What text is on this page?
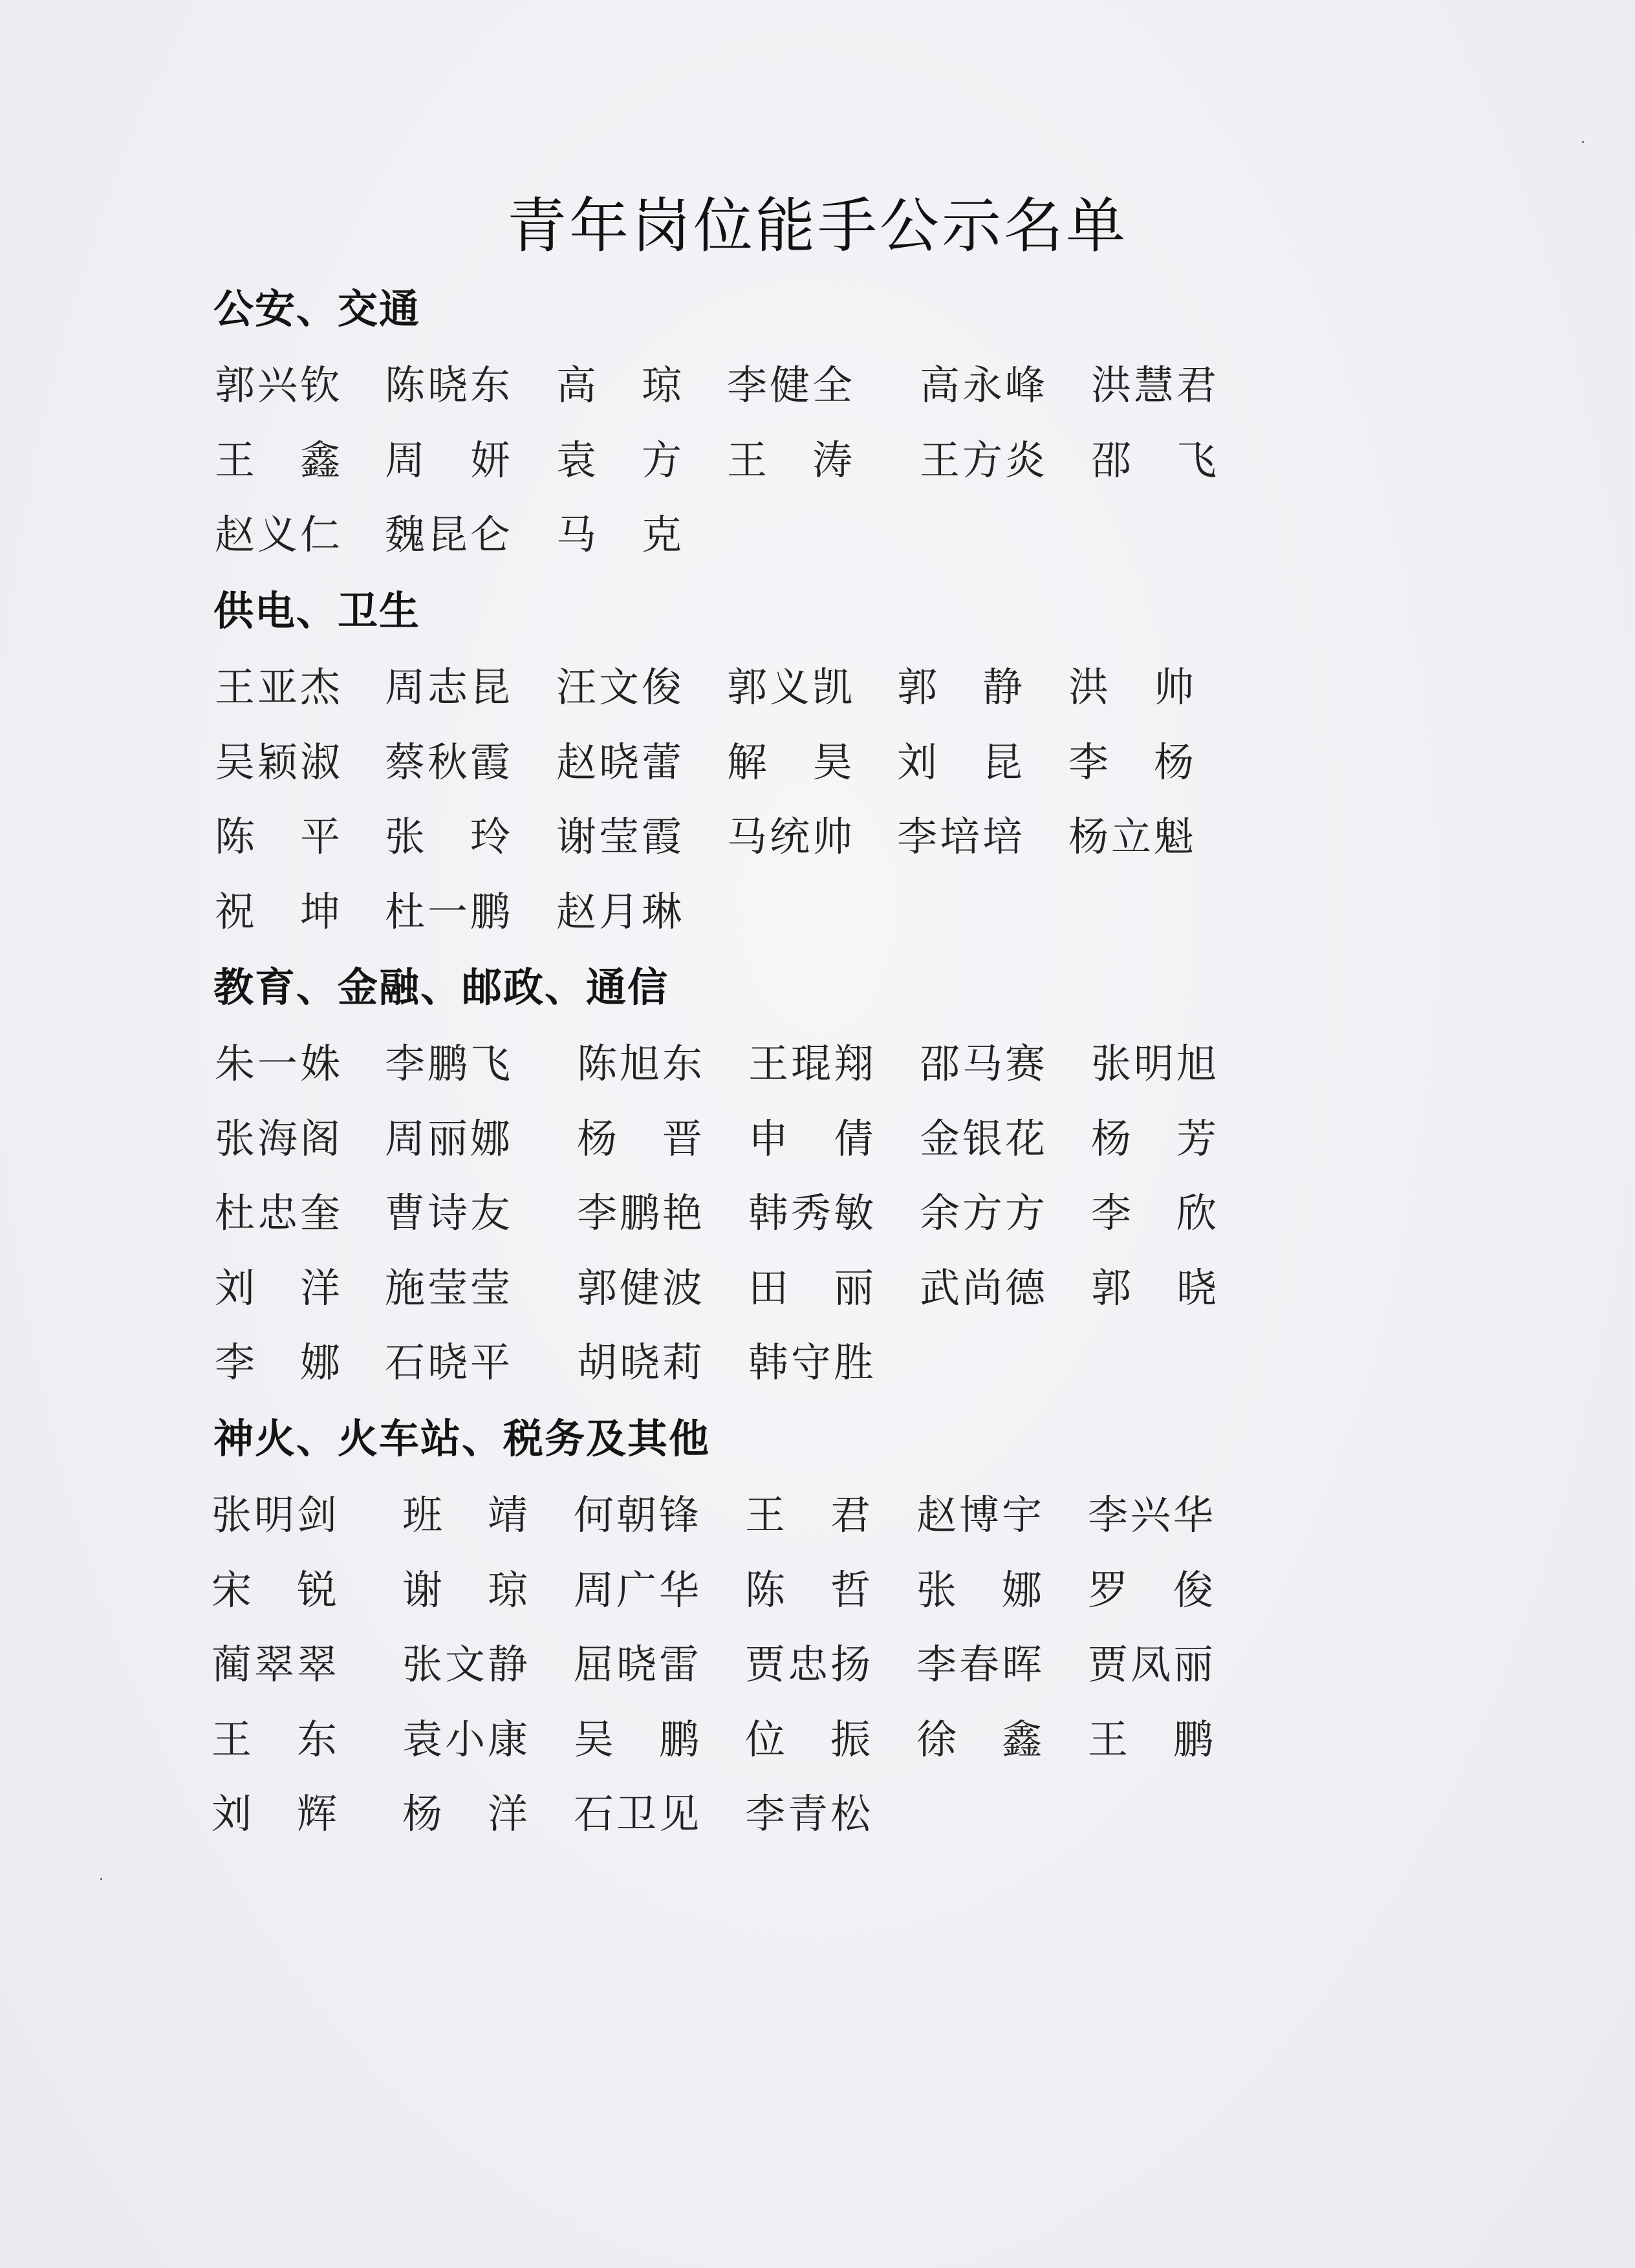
青年岗位能手公示名单
公安、交通
郭兴钦 陈晓东 高 琼 李健全 高永峰 洪慧君
王 鑫 周 妍 袁 方 王 涛 王方炎 邵 飞
赵义仁 魏昆仑 马 克
供电、卫生
王亚杰 周志昆 汪文俊 郭义凯 郭 静 洪 帅
吴颖淑 蔡秋霞 赵晓蕾 解 昊 刘 昆 李 杨
陈 平 张 玲 谢莹霞 马统帅 李培培 杨立魁
祝 坤 杜一鹏 赵月琳
教育、金融、邮政、通信
朱一姝 李鹏飞 陈旭东 王琨翔 邵马赛 张明旭
张海阁 周丽娜 杨 晋 申 倩 金银花 杨 芳
杜忠奎 曹诗友 李鹏艳 韩秀敏 余方方 李 欣
刘 洋 施莹莹 郭健波 田 丽 武尚德 郭 晓
李 娜 石晓平 胡晓莉 韩守胜
神火、火车站、税务及其他
张明剑 班 靖 何朝锋 王 君 赵博宇 李兴华
宋 锐 谢 琼 周广华 陈 哲 张 娜 罗 俊
蔺翠翠 张文静 屈晓雷 贾忠扬 李春晖 贾凤丽
王 东 袁小康 吴 鹏 位 振 徐 鑫 王 鹏
刘 辉 杨 洋 石卫见 李青松
